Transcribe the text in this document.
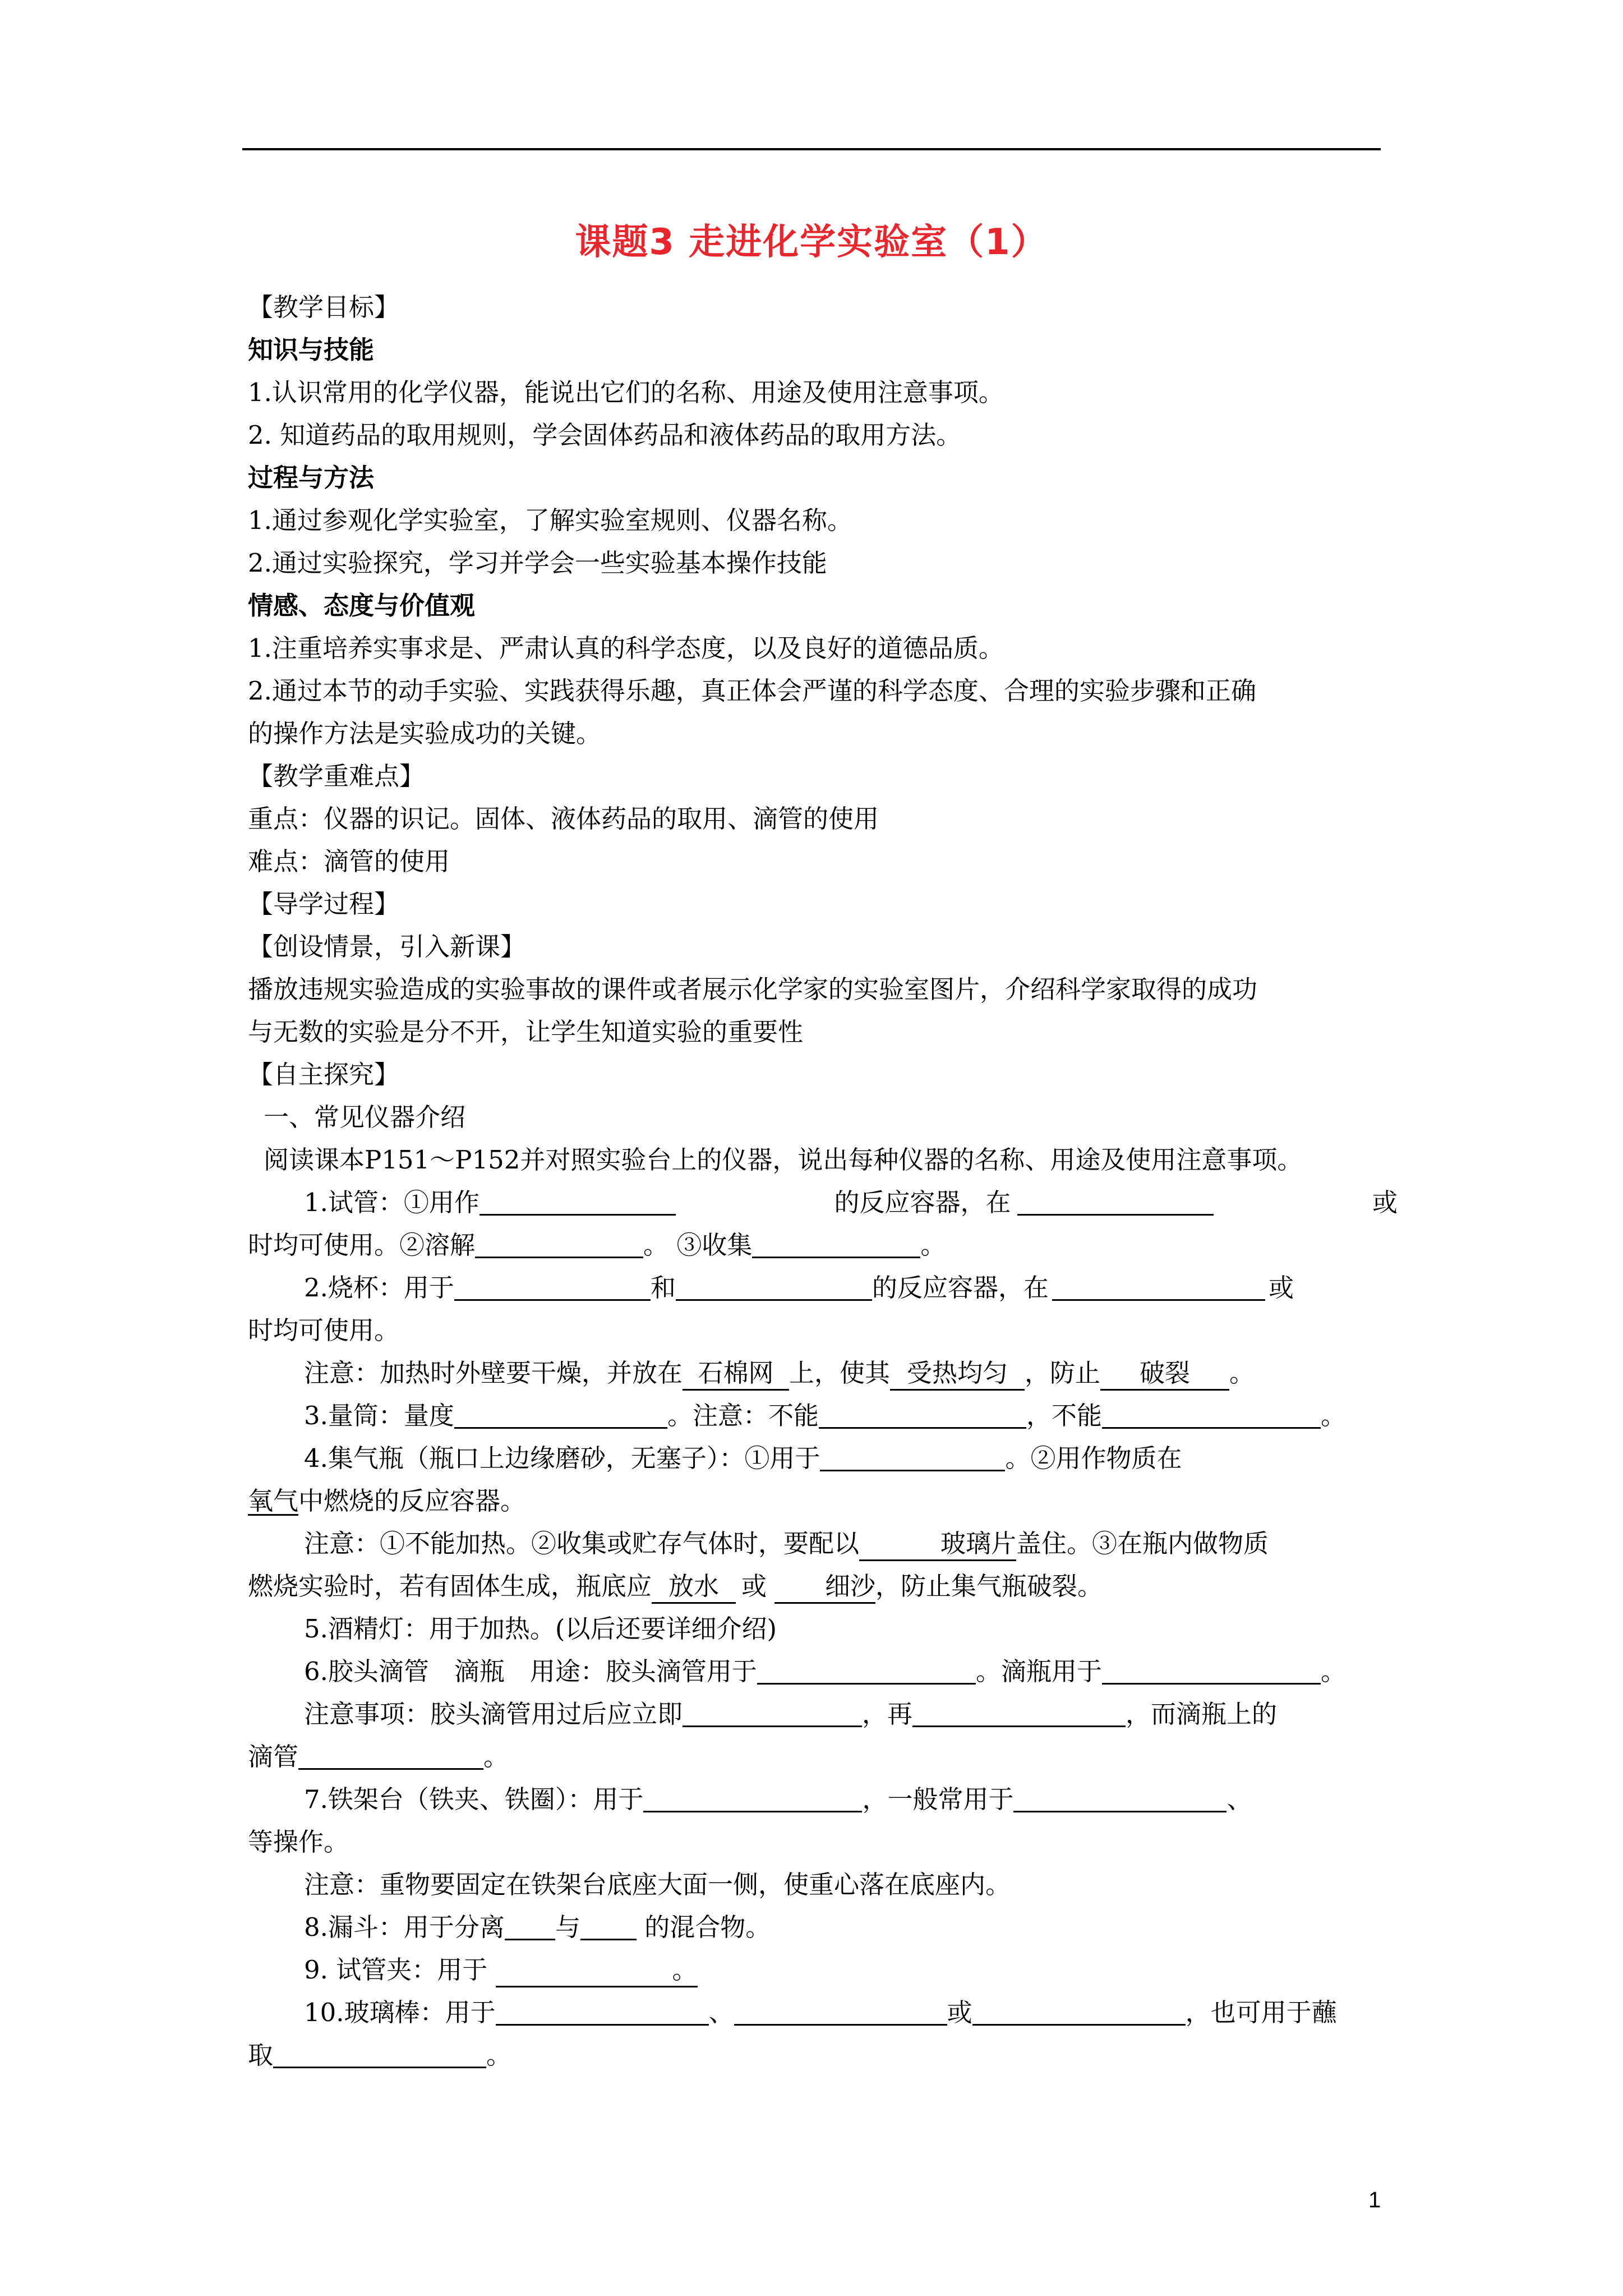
课题3 走进化学实验室（1）
【教学目标】
知识与技能
1.认识常用的化学仪器，能说出它们的名称、用途及使用注意事项。
2. 知道药品的取用规则，学会固体药品和液体药品的取用方法。
过程与方法
1.通过参观化学实验室，了解实验室规则、仪器名称。
2.通过实验探究，学习并学会一些实验基本操作技能
情感、态度与价值观
1.注重培养实事求是、严肃认真的科学态度，以及良好的道德品质。
2.通过本节的动手实验、实践获得乐趣，真正体会严谨的科学态度、合理的实验步骤和正确
的操作方法是实验成功的关键。
【教学重难点】
重点：仪器的识记。固体、液体药品的取用、滴管的使用
难点：滴管的使用
【导学过程】
【创设情景，引入新课】
播放违规实验造成的实验事故的课件或者展示化学家的实验室图片，介绍科学家取得的成功
与无数的实验是分不开，让学生知道实验的重要性
【自主探究】
一、常见仪器介绍
阅读课本P151～P152并对照实验台上的仪器，说出每种仪器的名称、用途及使用注意事项。
1.试管：①用作	的反应容器，在	或
时均可使用。②溶解	。 ③收集	。
2.烧杯：用于	和	的反应容器，在	或
时均可使用。
注意：加热时外壁要干燥，并放在 石棉网 上，使其 受热均匀 ，防止 破裂 。
3.量筒：量度	。注意：不能	，不能	。
4.集气瓶（瓶口上边缘磨砂，无塞子）：①用于	。②用作物质在
氧气中燃烧的反应容器。
注意：①不能加热。②收集或贮存气体时，要配以	玻璃片盖住。③在瓶内做物质
燃烧实验时，若有固体生成，瓶底应 放水 或 细沙，防止集气瓶破裂。
5.酒精灯：用于加热。(以后还要详细介绍)
6.胶头滴管　滴瓶　用途：胶头滴管用于	。滴瓶用于	。
注意事项：胶头滴管用过后应立即	，再	，而滴瓶上的
滴管	。
7.铁架台（铁夹、铁圈）：用于	，一般常用于	、
等操作。
注意：重物要固定在铁架台底座大面一侧，使重心落在底座内。
8.漏斗：用于分离 与 的混合物。
9. 试管夹：用于	。
10.玻璃棒：用于	、	或	，也可用于蘸
取	。
1
